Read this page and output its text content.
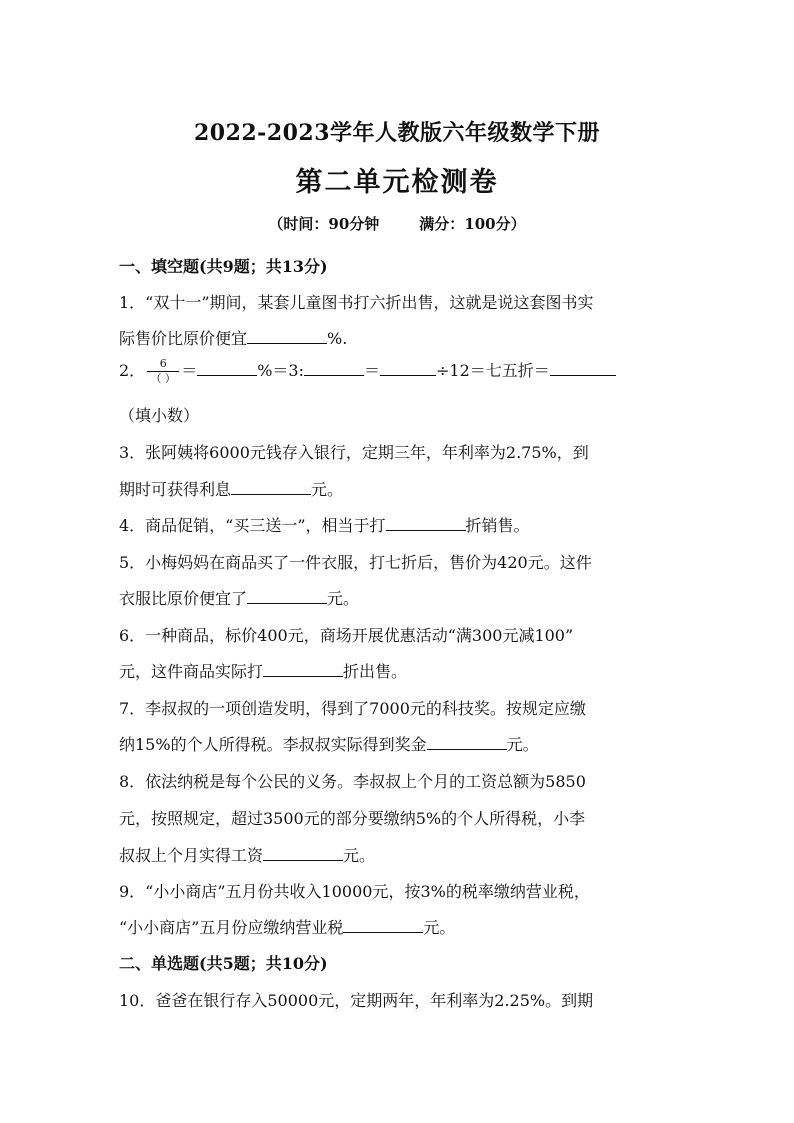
2022-2023学年人教版六年级数学下册
第二单元检测卷
（时间：90分钟	满分：100分）
一、填空题(共9题；共13分)
1．“双十一”期间，某套儿童图书打六折出售，这就是说这套图书实
际售价比原价便宜	%.
2． $\frac{6}{( )}$ ＝	%＝3:	＝	÷12＝七五折＝
（填小数）
3．张阿姨将6000元钱存入银行，定期三年，年利率为2.75%，到
期时可获得利息	元。
4．商品促销，“买三送一”，相当于打	折销售。
5．小梅妈妈在商品买了一件衣服，打七折后，售价为420元。这件
衣服比原价便宜了	元。
6．一种商品，标价400元，商场开展优惠活动“满300元减100”
元，这件商品实际打	折出售。
7．李叔叔的一项创造发明，得到了7000元的科技奖。按规定应缴
纳15%的个人所得税。李叔叔实际得到奖金	元。
8．依法纳税是每个公民的义务。李叔叔上个月的工资总额为5850
元，按照规定，超过3500元的部分要缴纳5%的个人所得税，小李
叔叔上个月实得工资	元。
9．“小小商店”五月份共收入10000元，按3%的税率缴纳营业税，
“小小商店”五月份应缴纳营业税	元。
二、单选题(共5题；共10分)
10．爸爸在银行存入50000元，定期两年，年利率为2.25%。到期
